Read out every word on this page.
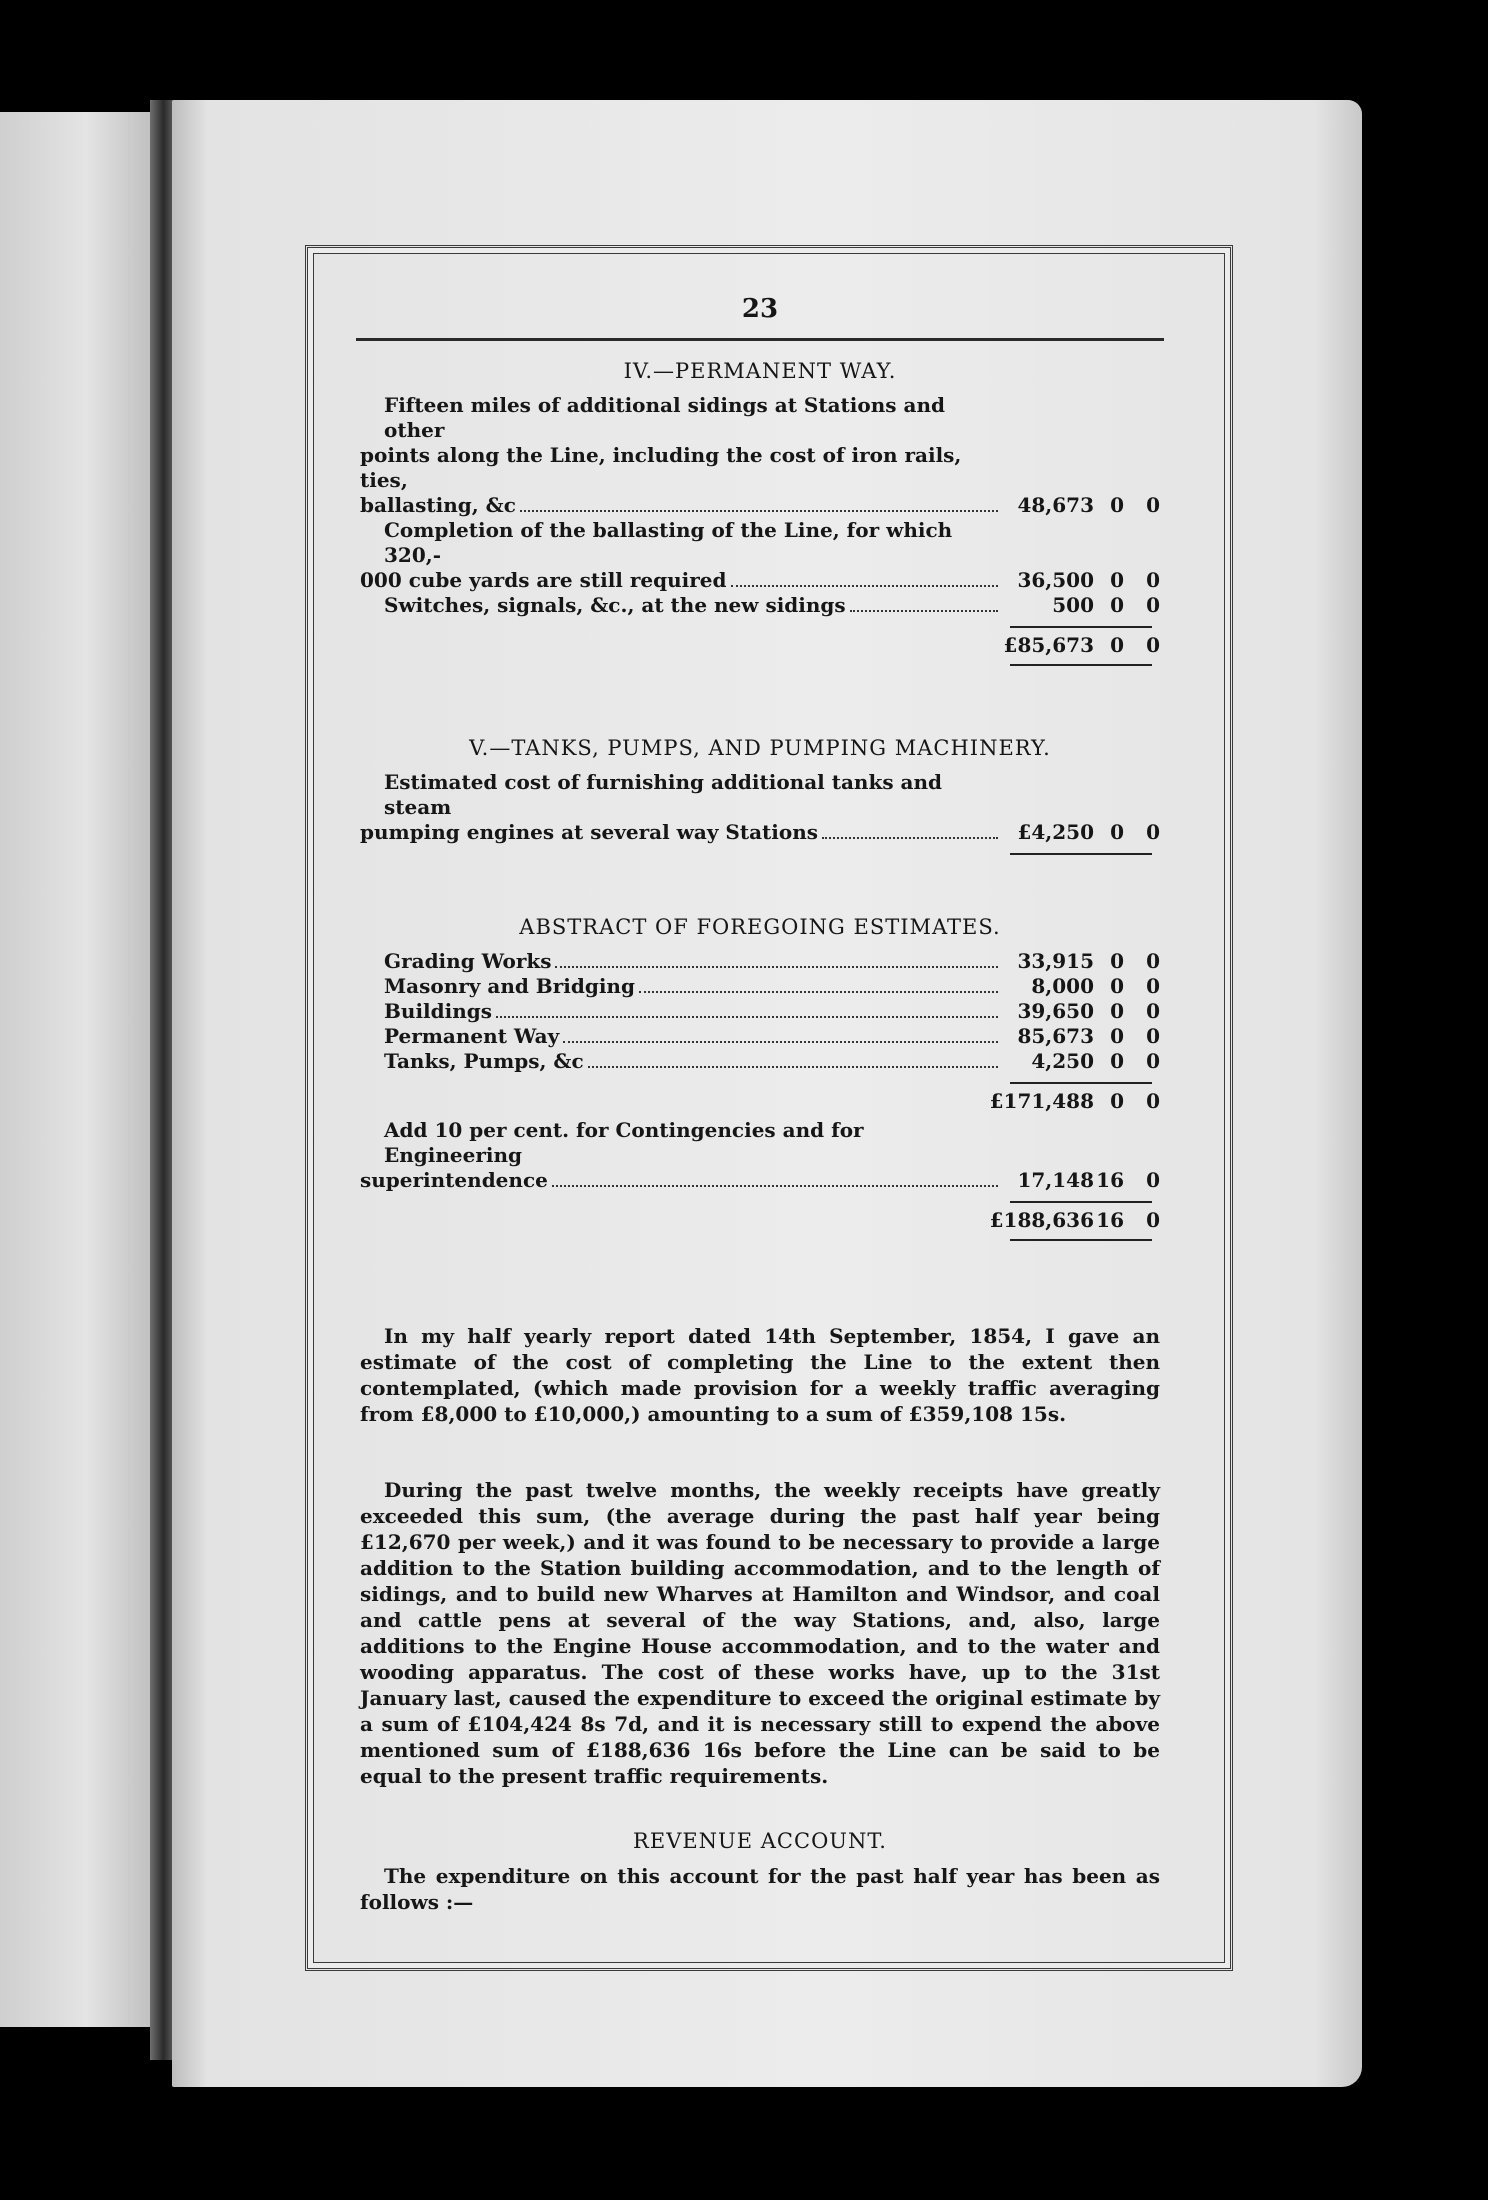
23
IV.—PERMANENT WAY.
Fifteen miles of additional sidings at Stations and other
points along the Line, including the cost of iron rails, ties,
ballasting, &c	48,673 0	0
Completion of the ballasting of the Line, for which 320,-
000 cube yards are still required	36,500 0	0
Switches, signals, &c., at the new sidings	500 0	0
£85,673 0	0
V.—TANKS, PUMPS, AND PUMPING MACHINERY.
Estimated cost of furnishing additional tanks and steam
pumping engines at several way Stations	£4,250 0	0
ABSTRACT OF FOREGOING ESTIMATES.
Grading Works	33,915 0	0
Masonry and Bridging	8,000 0	0
Buildings	39,650 0	0
Permanent Way	85,673 0	0
Tanks, Pumps, &c	4,250 0	0
£171,488 0	0
Add 10 per cent. for Contingencies and for Engineering
superintendence	17,148 16	0
£188,636 16	0

In my half yearly report dated 14th September, 1854, I gave an estimate of the cost of completing the Line to the extent then contemplated, (which made provision for a weekly traffic averaging from £8,000 to £10,000,) amounting to a sum of £359,108 15s.

During the past twelve months, the weekly receipts have greatly exceeded this sum, (the average during the past half year being £12,670 per week,) and it was found to be necessary to provide a large addition to the Station building accommodation, and to the length of sidings, and to build new Wharves at Hamilton and Windsor, and coal and cattle pens at several of the way Stations, and, also, large additions to the Engine House accommodation, and to the water and wooding apparatus. The cost of these works have, up to the 31st January last, caused the expenditure to exceed the original estimate by a sum of £104,424 8s 7d, and it is necessary still to expend the above mentioned sum of £188,636 16s before the Line can be said to be equal to the present traffic requirements.

REVENUE ACCOUNT.

The expenditure on this account for the past half year has been as follows :—
